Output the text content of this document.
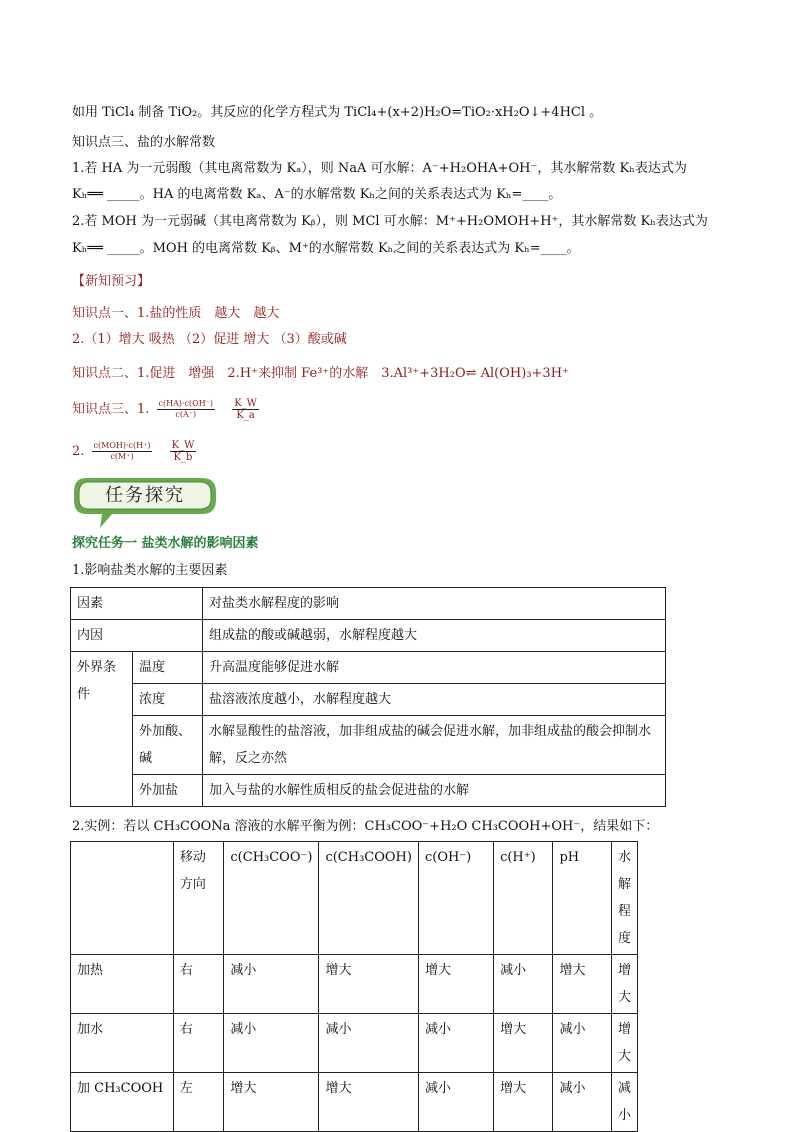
如用 TiCl₄ 制备 TiO₂。其反应的化学方程式为 TiCl₄+(x+2)H₂O=TiO₂·xH₂O↓+4HCl 。
知识点三、盐的水解常数
1.若 HA 为一元弱酸（其电离常数为 Kₐ），则 NaA 可水解：A⁻+H₂OHA+OH⁻，其水解常数 Kₕ表达式为
Kₕ══ _____。HA 的电离常数 Kₐ、A⁻的水解常数 Kₕ之间的关系表达式为 Kₕ=____。
2.若 MOH 为一元弱碱（其电离常数为 Kᵦ），则 MCl 可水解：M⁺+H₂OMOH+H⁺，其水解常数 Kₕ表达式为
Kₕ══ _____。MOH 的电离常数 Kᵦ、M⁺的水解常数 Kₕ之间的关系表达式为 Kₕ=____。
【新知预习】
知识点一、1.盐的性质　越大　越大
2.（1）增大 吸热 （2）促进 增大 （3）酸或碱
知识点二、1.促进　增强　2.H⁺来抑制 Fe³⁺的水解　3.Al³⁺+3H₂O⇌ Al(OH)₃+3H⁺
知识点三、1. $\frac{c(HA)\cdot c(OH^-)}{c(A^-)}$
$\frac{K\_W}{K\_a}$
2. $\frac{\text{c(MOH)·c(H⁺)}}{c(M^+)}$
$\frac{K\_W}{K\_b}$
任务探究
探究任务一 盐类水解的影响因素
1.影响盐类水解的主要因素
因素		对盐类水解程度的影响
内因		组成盐的酸或碱越弱，水解程度越大
外界条件	温度	升高温度能够促进水解
	浓度	盐溶液浓度越小，水解程度越大
	外加酸、碱	水解显酸性的盐溶液，加非组成盐的碱会促进水解，加非组成盐的酸会抑制水解，反之亦然
	外加盐	加入与盐的水解性质相反的盐会促进盐的水解
2.实例：若以 CH₃COONa 溶液的水解平衡为例：CH₃COO⁻+H₂O CH₃COOH+OH⁻，结果如下：
	移动方向	c(CH₃COO⁻)	c(CH₃COOH)	c(OH⁻)	c(H⁺)	pH	水解程度
加热	右	减小	增大	增大	减小	增大	增大
加水	右	减小	减小	减小	增大	减小	增大
加 CH₃COOH	左	增大	增大	减小	增大	减小	减小
